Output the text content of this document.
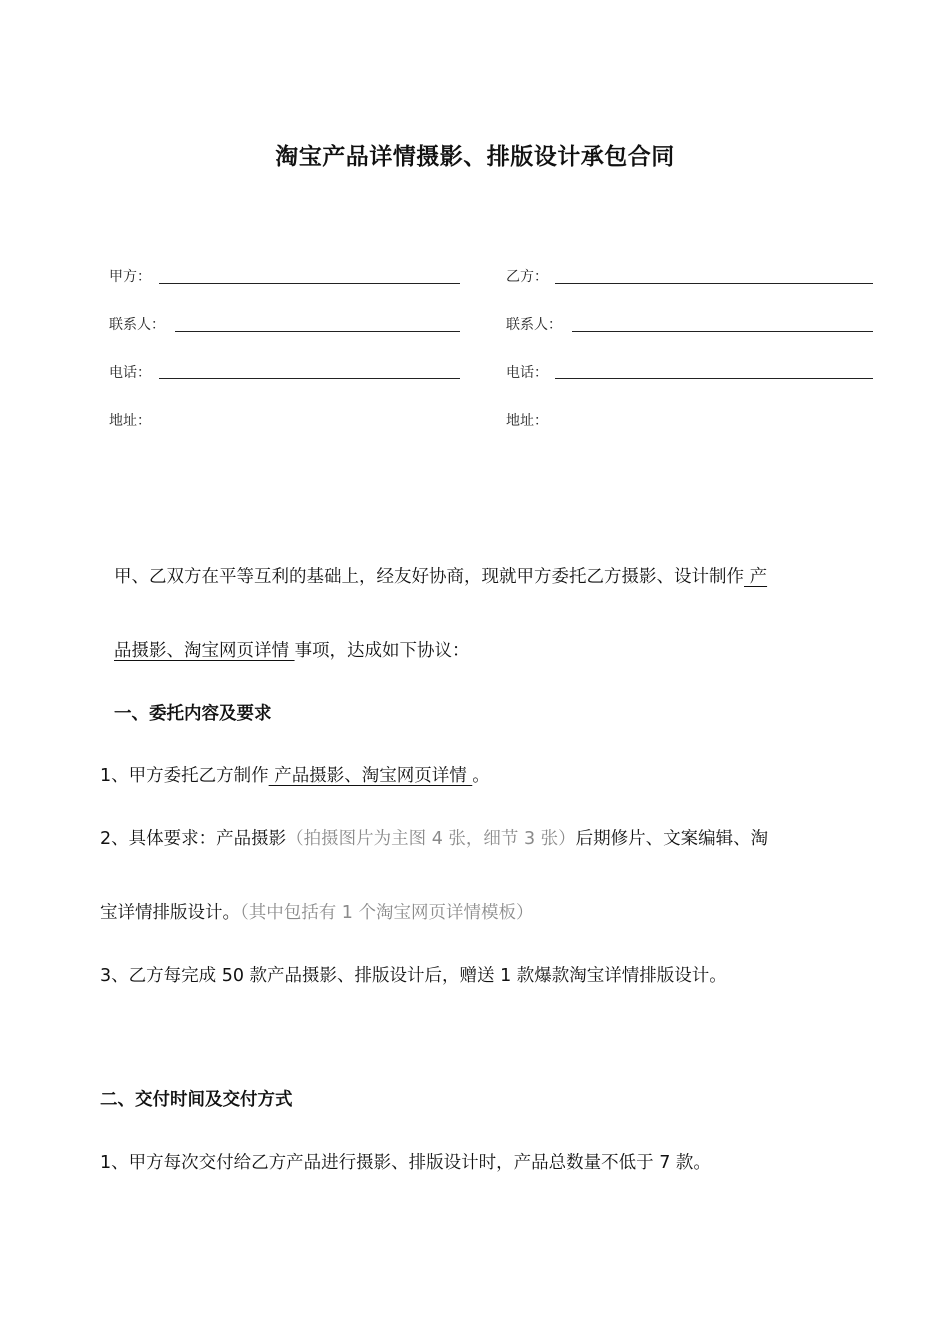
淘宝产品详情摄影、排版设计承包合同
甲方：
联系人：
电话：
地址：
乙方：
联系人：
电话：
地址：
甲、乙双方在平等互利的基础上，经友好协商，现就甲方委托乙方摄影、设计制作 产
品摄影、淘宝网页详情 事项，达成如下协议：
一、委托内容及要求
1、甲方委托乙方制作 产品摄影、淘宝网页详情 。
2、具体要求：产品摄影（拍摄图片为主图 4 张，细节 3 张）后期修片、文案编辑、淘
宝详情排版设计。（其中包括有 1 个淘宝网页详情模板）
3、乙方每完成 50 款产品摄影、排版设计后，赠送 1 款爆款淘宝详情排版设计。
二、交付时间及交付方式
1、甲方每次交付给乙方产品进行摄影、排版设计时，产品总数量不低于 7 款。
